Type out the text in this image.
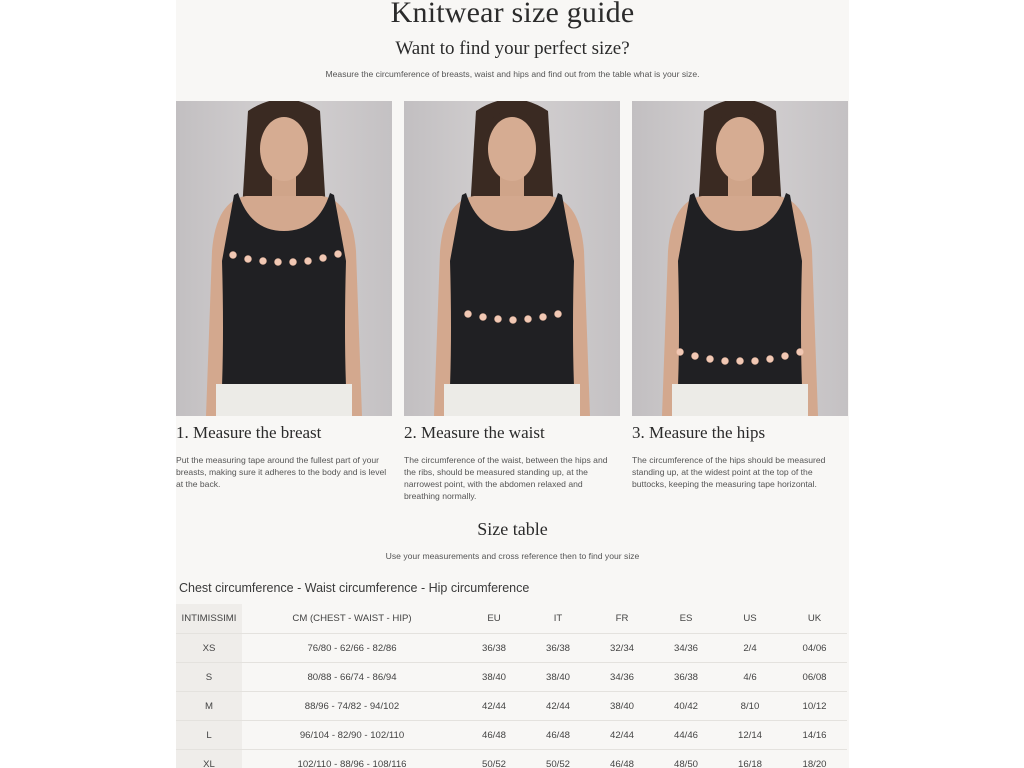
Knitwear size guide
Want to find your perfect size?

Measure the circumference of breasts, waist and hips and find out from the table what is your size.

1. Measure the breast	2. Measure the waist	3. Measure the hips

Put the measuring tape around the fullest part of your breasts, making sure it adheres to the body and is level at the back.

The circumference of the waist, between the hips and the ribs, should be measured standing up, at the narrowest point, with the abdomen relaxed and breathing normally.

The circumference of the hips should be measured standing up, at the widest point at the top of the buttocks, keeping the measuring tape horizontal.

Size table

Use your measurements and cross reference then to find your size

Chest circumference - Waist circumference - Hip circumference

INTIMISSIMI	CM (CHEST - WAIST - HIP)	EU	IT	FR	ES	US	UK
XS	76/80 - 62/66 - 82/86	36/38	36/38	32/34	34/36	2/4	04/06
S	80/88 - 66/74 - 86/94	38/40	38/40	34/36	36/38	4/6	06/08
M	88/96 - 74/82 - 94/102	42/44	42/44	38/40	40/42	8/10	10/12
L	96/104 - 82/90 - 102/110	46/48	46/48	42/44	44/46	12/14	14/16
XL	102/110 - 88/96 - 108/116	50/52	50/52	46/48	48/50	16/18	18/20
